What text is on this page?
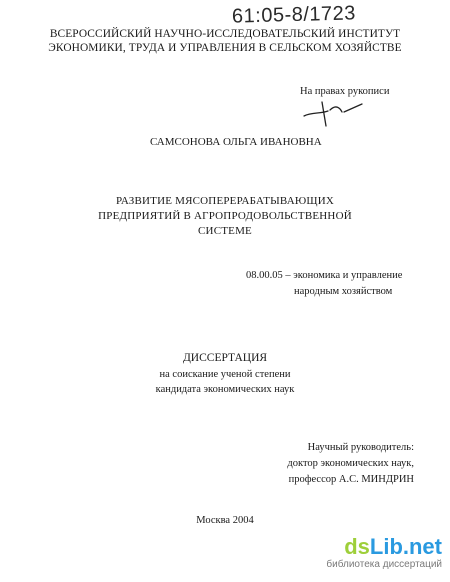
61:05-8/1723
ВСЕРОССИЙСКИЙ НАУЧНО-ИССЛЕДОВАТЕЛЬСКИЙ ИНСТИТУТ
ЭКОНОМИКИ, ТРУДА И УПРАВЛЕНИЯ В СЕЛЬСКОМ ХОЗЯЙСТВЕ
На правах рукописи
САМСОНОВА ОЛЬГА ИВАНОВНА
РАЗВИТИЕ МЯСОПЕРЕРАБАТЫВАЮЩИХ
ПРЕДПРИЯТИЙ В АГРОПРОДОВОЛЬСТВЕННОЙ
СИСТЕМЕ
08.00.05 – экономика и управление
народным хозяйством
ДИССЕРТАЦИЯ
на соискание ученой степени
кандидата экономических наук
Научный руководитель:
доктор экономических наук,
профессор А.С. МИНДРИН
Москва 2004
dsLib.net
библиотека диссертаций
